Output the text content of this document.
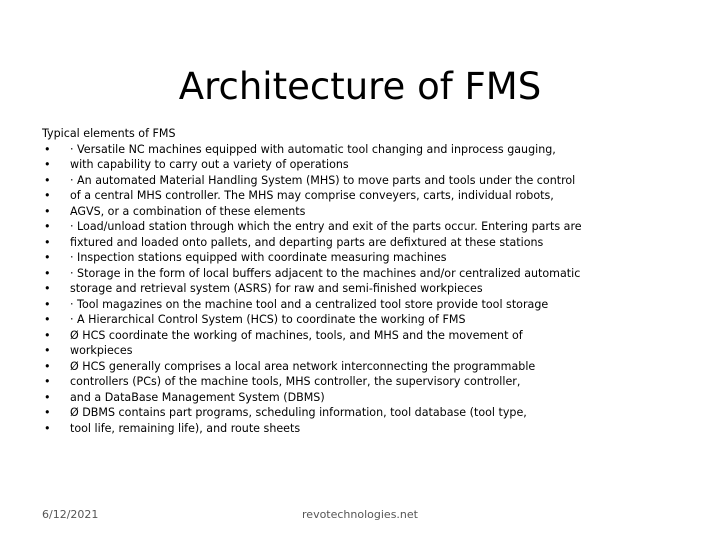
Architecture of FMS
Typical elements of FMS
• · Versatile NC machines equipped with automatic tool changing and inprocess gauging,
• with capability to carry out a variety of operations
• · An automated Material Handling System (MHS) to move parts and tools under the control
• of a central MHS controller. The MHS may comprise conveyers, carts, individual robots,
• AGVS, or a combination of these elements
• · Load/unload station through which the entry and exit of the parts occur. Entering parts are
• fixtured and loaded onto pallets, and departing parts are defixtured at these stations
• · Inspection stations equipped with coordinate measuring machines
• · Storage in the form of local buffers adjacent to the machines and/or centralized automatic
• storage and retrieval system (ASRS) for raw and semi-finished workpieces
• · Tool magazines on the machine tool and a centralized tool store provide tool storage
• · A Hierarchical Control System (HCS) to coordinate the working of FMS
• Ø HCS coordinate the working of machines, tools, and MHS and the movement of
• workpieces
• Ø HCS generally comprises a local area network interconnecting the programmable
• controllers (PCs) of the machine tools, MHS controller, the supervisory controller,
• and a DataBase Management System (DBMS)
• Ø DBMS contains part programs, scheduling information, tool database (tool type,
• tool life, remaining life), and route sheets
6/12/2021	revotechnologies.net
